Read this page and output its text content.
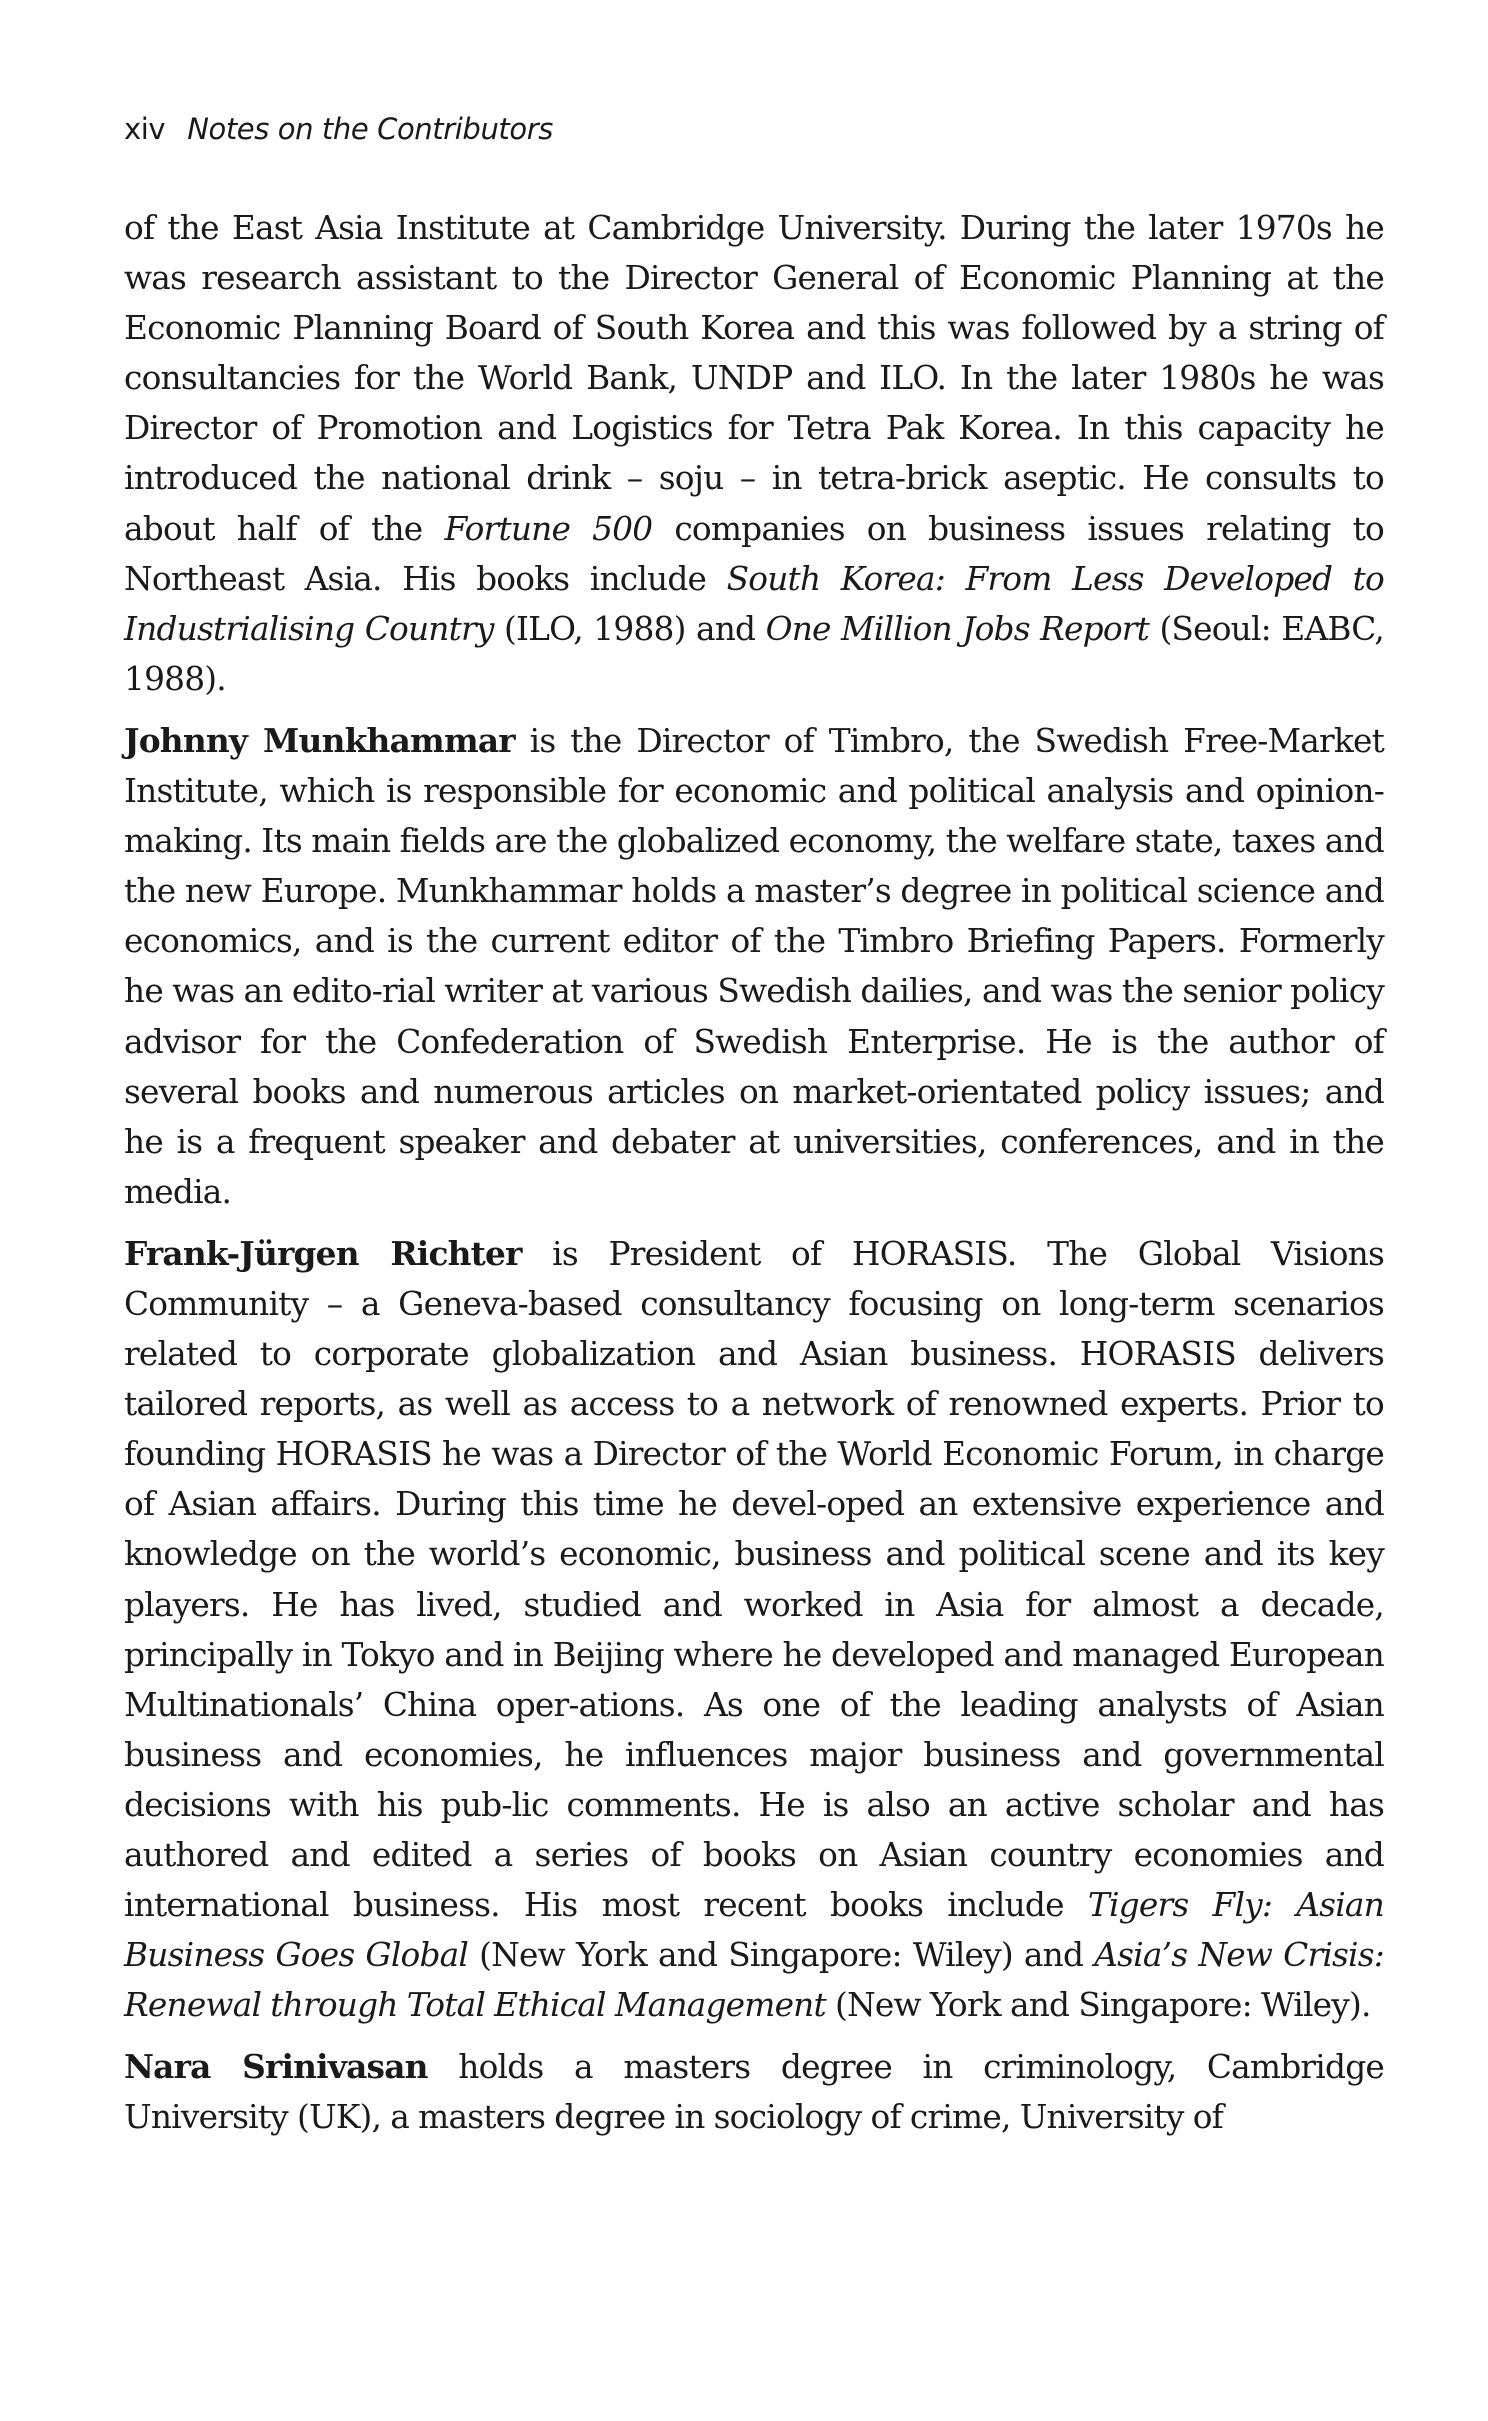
xiv Notes on the Contributors

of the East Asia Institute at Cambridge University. During the later 1970s he was research assistant to the Director General of Economic Planning at the Economic Planning Board of South Korea and this was followed by a string of consultancies for the World Bank, UNDP and ILO. In the later 1980s he was Director of Promotion and Logistics for Tetra Pak Korea. In this capacity he introduced the national drink – soju – in tetra-brick aseptic. He consults to about half of the Fortune 500 companies on business issues relating to Northeast Asia. His books include South Korea: From Less Developed to Industrialising Country (ILO, 1988) and One Million Jobs Report (Seoul: EABC, 1988).

Johnny Munkhammar is the Director of Timbro, the Swedish Free-Market Institute, which is responsible for economic and political analysis and opinion-making. Its main fields are the globalized economy, the welfare state, taxes and the new Europe. Munkhammar holds a master’s degree in political science and economics, and is the current editor of the Timbro Briefing Papers. Formerly he was an edito-rial writer at various Swedish dailies, and was the senior policy advisor for the Confederation of Swedish Enterprise. He is the author of several books and numerous articles on market-orientated policy issues; and he is a frequent speaker and debater at universities, conferences, and in the media.

Frank-Jürgen Richter is President of HORASIS. The Global Visions Community – a Geneva-based consultancy focusing on long-term scenarios related to corporate globalization and Asian business. HORASIS delivers tailored reports, as well as access to a network of renowned experts. Prior to founding HORASIS he was a Director of the World Economic Forum, in charge of Asian affairs. During this time he devel-oped an extensive experience and knowledge on the world’s economic, business and political scene and its key players. He has lived, studied and worked in Asia for almost a decade, principally in Tokyo and in Beijing where he developed and managed European Multinationals’ China oper-ations. As one of the leading analysts of Asian business and economies, he influences major business and governmental decisions with his pub-lic comments. He is also an active scholar and has authored and edited a series of books on Asian country economies and international business. His most recent books include Tigers Fly: Asian Business Goes Global (New York and Singapore: Wiley) and Asia’s New Crisis: Renewal through Total Ethical Management (New York and Singapore: Wiley).

Nara Srinivasan holds a masters degree in criminology, Cambridge University (UK), a masters degree in sociology of crime, University of
